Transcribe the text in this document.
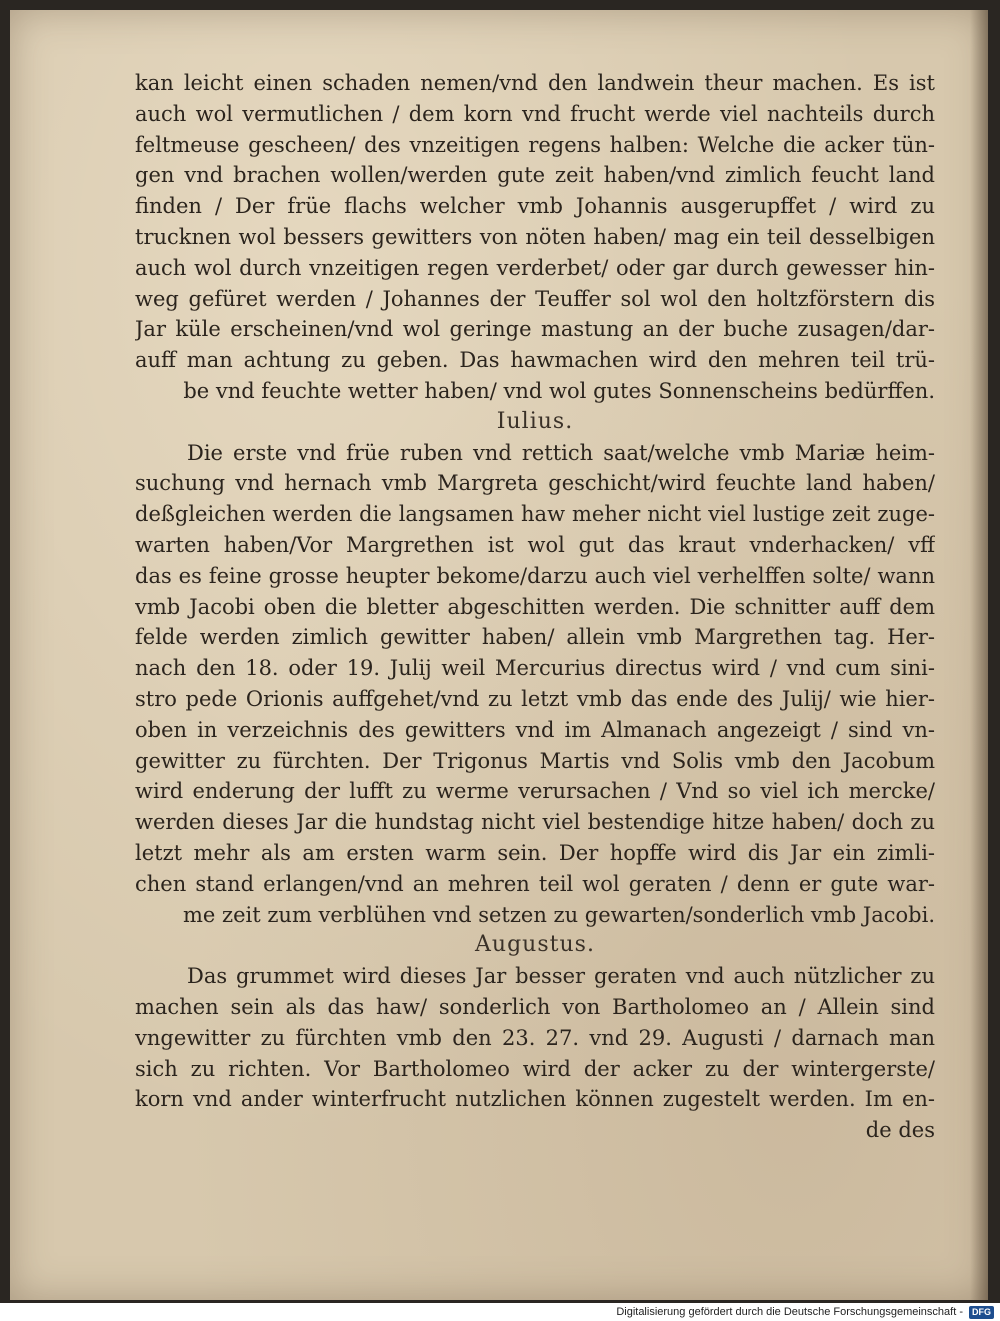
kan leicht einen schaden nemen/vnd den landwein theur machen. Es ist
auch wol vermutlichen / dem korn vnd frucht werde viel nachteils durch
feltmeuse gescheen/ des vnzeitigen regens halben: Welche die acker tün-
gen vnd brachen wollen/werden gute zeit haben/vnd zimlich feucht land
finden / Der früe flachs welcher vmb Johannis ausgerupffet / wird zu
trucknen wol bessers gewitters von nöten haben/ mag ein teil desselbigen
auch wol durch vnzeitigen regen verderbet/ oder gar durch gewesser hin-
weg gefüret werden / Johannes der Teuffer sol wol den holtzförstern dis
Jar küle erscheinen/vnd wol geringe mastung an der buche zusagen/dar-
auff man achtung zu geben. Das hawmachen wird den mehren teil trü-
be vnd feuchte wetter haben/ vnd wol gutes Sonnenscheins bedürffen.
Iulius.
Die erste vnd früe ruben vnd rettich saat/welche vmb Mariæ heim-
suchung vnd hernach vmb Margreta geschicht/wird feuchte land haben/
deßgleichen werden die langsamen haw meher nicht viel lustige zeit zuge-
warten haben/Vor Margrethen ist wol gut das kraut vnderhacken/ vff
das es feine grosse heupter bekome/darzu auch viel verhelffen solte/ wann
vmb Jacobi oben die bletter abgeschitten werden. Die schnitter auff dem
felde werden zimlich gewitter haben/ allein vmb Margrethen tag. Her-
nach den 18. oder 19. Julij weil Mercurius directus wird / vnd cum sini-
stro pede Orionis auffgehet/vnd zu letzt vmb das ende des Julij/ wie hier-
oben in verzeichnis des gewitters vnd im Almanach angezeigt / sind vn-
gewitter zu fürchten. Der Trigonus Martis vnd Solis vmb den Jacobum
wird enderung der lufft zu werme verursachen / Vnd so viel ich mercke/
werden dieses Jar die hundstag nicht viel bestendige hitze haben/ doch zu
letzt mehr als am ersten warm sein. Der hopffe wird dis Jar ein zimli-
chen stand erlangen/vnd an mehren teil wol geraten / denn er gute war-
me zeit zum verblühen vnd setzen zu gewarten/sonderlich vmb Jacobi.
Augustus.
Das grummet wird dieses Jar besser geraten vnd auch nützlicher zu
machen sein als das haw/ sonderlich von Bartholomeo an / Allein sind
vngewitter zu fürchten vmb den 23. 27. vnd 29. Augusti / darnach man
sich zu richten. Vor Bartholomeo wird der acker zu der wintergerste/
korn vnd ander winterfrucht nutzlichen können zugestelt werden. Im en-
de des
Digitalisierung gefördert durch die Deutsche Forschungsgemeinschaft - DFG
